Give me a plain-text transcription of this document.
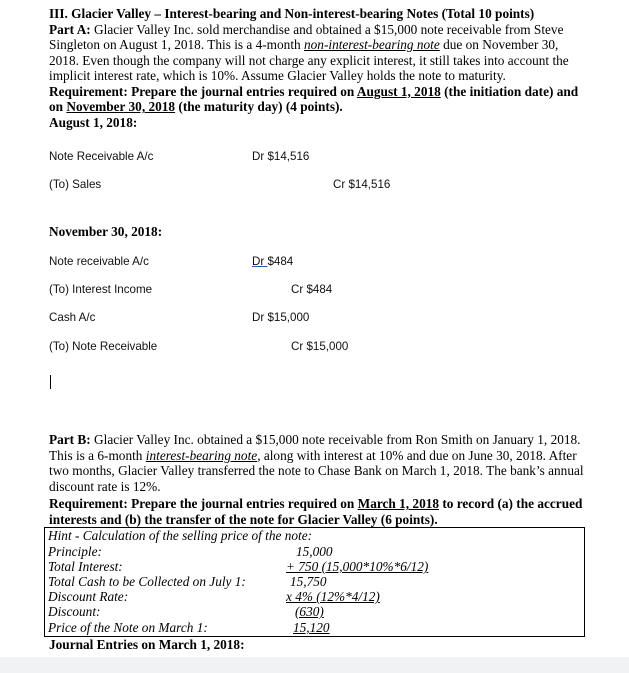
III. Glacier Valley – Interest-bearing and Non-interest-bearing Notes (Total 10 points)

Part A: Glacier Valley Inc. sold merchandise and obtained a $15,000 note receivable from Steve Singleton on August 1, 2018. This is a 4-month non-interest-bearing note due on November 30, 2018. Even though the company will not charge any explicit interest, it still takes into account the implicit interest rate, which is 10%. Assume Glacier Valley holds the note to maturity.

Requirement: Prepare the journal entries required on August 1, 2018 (the initiation date) and on November 30, 2018 (the maturity day) (4 points).

August 1, 2018:

Note Receivable A/c	Dr $14,516
(To) Sales	Cr $14,516
November 30, 2018:
Note receivable A/c	Dr $484
(To) Interest Income	Cr $484
Cash A/c	Dr $15,000
(To) Note Receivable	Cr $15,000

Part B: Glacier Valley Inc. obtained a $15,000 note receivable from Ron Smith on January 1, 2018. This is a 6-month interest-bearing note, along with interest at 10% and due on June 30, 2018. After two months, Glacier Valley transferred the note to Chase Bank on March 1, 2018. The bank’s annual discount rate is 12%.

Requirement: Prepare the journal entries required on March 1, 2018 to record (a) the accrued interests and (b) the transfer of the note for Glacier Valley (6 points).

Hint - Calculation of the selling price of the note:
Principle:	15,000
Total Interest:	+ 750 (15,000*10%*6/12)
Total Cash to be Collected on July 1:	15,750
Discount Rate:	x 4% (12%*4/12)
Discount:	(630)
Price of the Note on March 1:	15,120
Journal Entries on March 1, 2018:
